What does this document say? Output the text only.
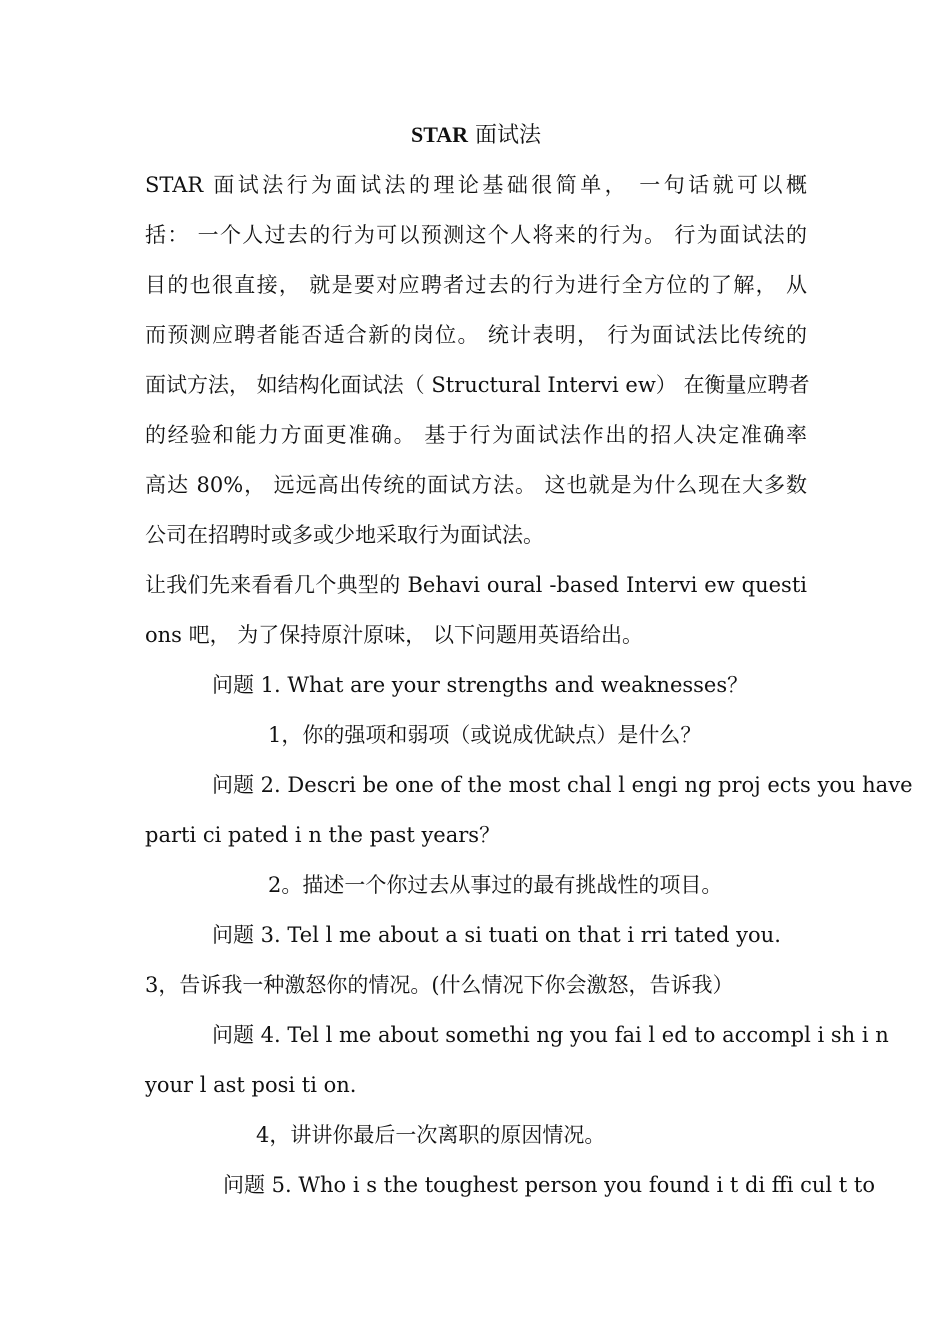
STAR 面试法
STAR 面试法行为面试法的理论基础很简单， 一句话就可以概
括： 一个人过去的行为可以预测这个人将来的行为。 行为面试法的
目的也很直接， 就是要对应聘者过去的行为进行全方位的了解， 从
而预测应聘者能否适合新的岗位。 统计表明， 行为面试法比传统的
面试方法， 如结构化面试法（ Structural Intervi ew） 在衡量应聘者
的经验和能力方面更准确。 基于行为面试法作出的招人决定准确率
高达 80%， 远远高出传统的面试方法。 这也就是为什么现在大多数
公司在招聘时或多或少地采取行为面试法。
让我们先来看看几个典型的 Behavi oural -based Intervi ew questi
ons 吧， 为了保持原汁原味， 以下问题用英语给出。
问题 1. What are your strengths and weaknesses？
1，你的强项和弱项（或说成优缺点）是什么？
问题 2. Descri be one of the most chal l engi ng proj ects you have
parti ci pated i n the past years？
2。描述一个你过去从事过的最有挑战性的项目。
问题 3. Tel l me about a si tuati on that i rri tated you.
3，告诉我一种激怒你的情况。(什么情况下你会激怒，告诉我）
问题 4. Tel l me about somethi ng you fai l ed to accompl i sh i n
your l ast posi ti on.
4，讲讲你最后一次离职的原因情况。
问题 5. Who i s the toughest person you found i t di ffi cul t to
